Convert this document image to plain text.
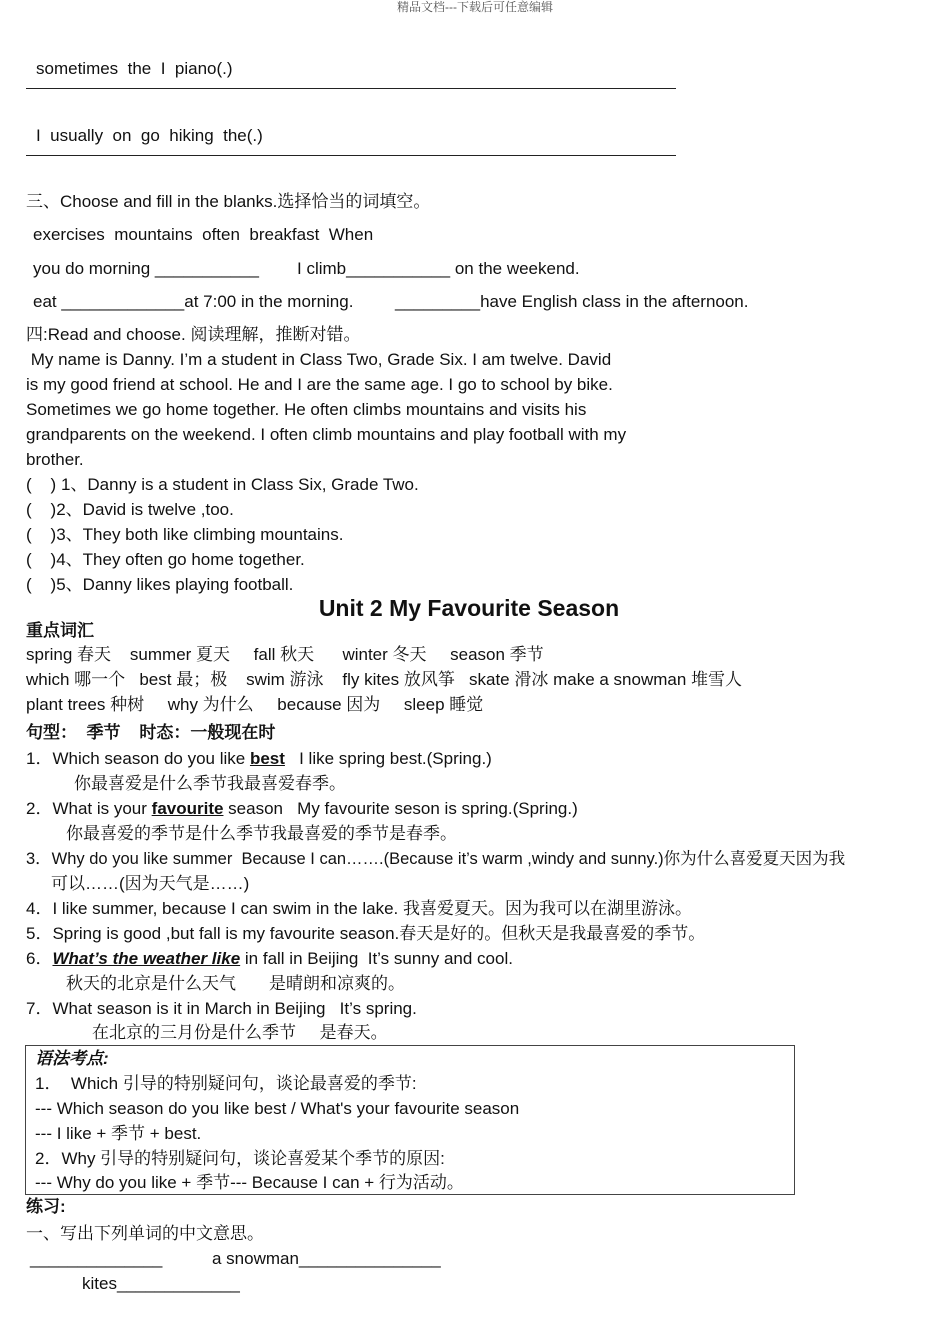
精品文档---下载后可任意编辑
sometimes  the  I  piano(.)
I  usually  on  go  hiking  the(.)
三、Choose and fill in the blanks.选择恰当的词填空。
exercises  mountains  often  breakfast  When
you do morning ___________ I climb___________ on the weekend.
eat _____________at 7:00 in the morning. _________have English class in the afternoon.
四:Read and choose. 阅读理解，推断对错。
My name is Danny. I’m a student in Class Two, Grade Six. I am twelve. David
is my good friend at school. He and I are the same age. I go to school by bike.
Sometimes we go home together. He often climbs mountains and visits his
grandparents on the weekend. I often climb mountains and play football with my
brother.
(    ) 1、Danny is a student in Class Six, Grade Two.
(    )2、David is twelve ,too.
(    )3、They both like climbing mountains.
(    )4、They often go home together.
(    )5、Danny likes playing football.
Unit 2 My Favourite Season
重点词汇
spring 春天    summer 夏天     fall 秋天      winter 冬天     season 季节
which 哪一个   best 最；极    swim 游泳    fly kites 放风筝   skate 滑冰 make a snowman 堆雪人
plant trees 种树     why 为什么     because 因为     sleep 睡觉
句型：  季节    时态：一般现在时
1．Which season do you like best   I like spring best.(Spring.)
你最喜爱是什么季节我最喜爱春季。
2．What is your favourite season   My favourite seson is spring.(Spring.)
你最喜爱的季节是什么季节我最喜爱的季节是春季。
3．Why do you like summer  Because I can…….(Because it’s warm ,windy and sunny.)你为什么喜爱夏天因为我
可以……(因为天气是……)
4．I like summer, because I can swim in the lake. 我喜爱夏天。因为我可以在湖里游泳。
5．Spring is good ,but fall is my favourite season.春天是好的。但秋天是我最喜爱的季节。
6．What’s the weather like in fall in Beijing  It’s sunny and cool.
秋天的北京是什么天气       是晴朗和凉爽的。
7．What season is it in March in Beijing   It’s spring.
在北京的三月份是什么季节     是春天。
语法考点:
1．  Which 引导的特别疑问句，谈论最喜爱的季节:
--- Which season do you like best / What's your favourite season
--- I like + 季节 + best.
2．Why 引导的特别疑问句，谈论喜爱某个季节的原因:
--- Why do you like + 季节--- Because I can + 行为活动。
练习:
一、写出下列单词的中文意思。
______________	a snowman_______________
kites_____________
